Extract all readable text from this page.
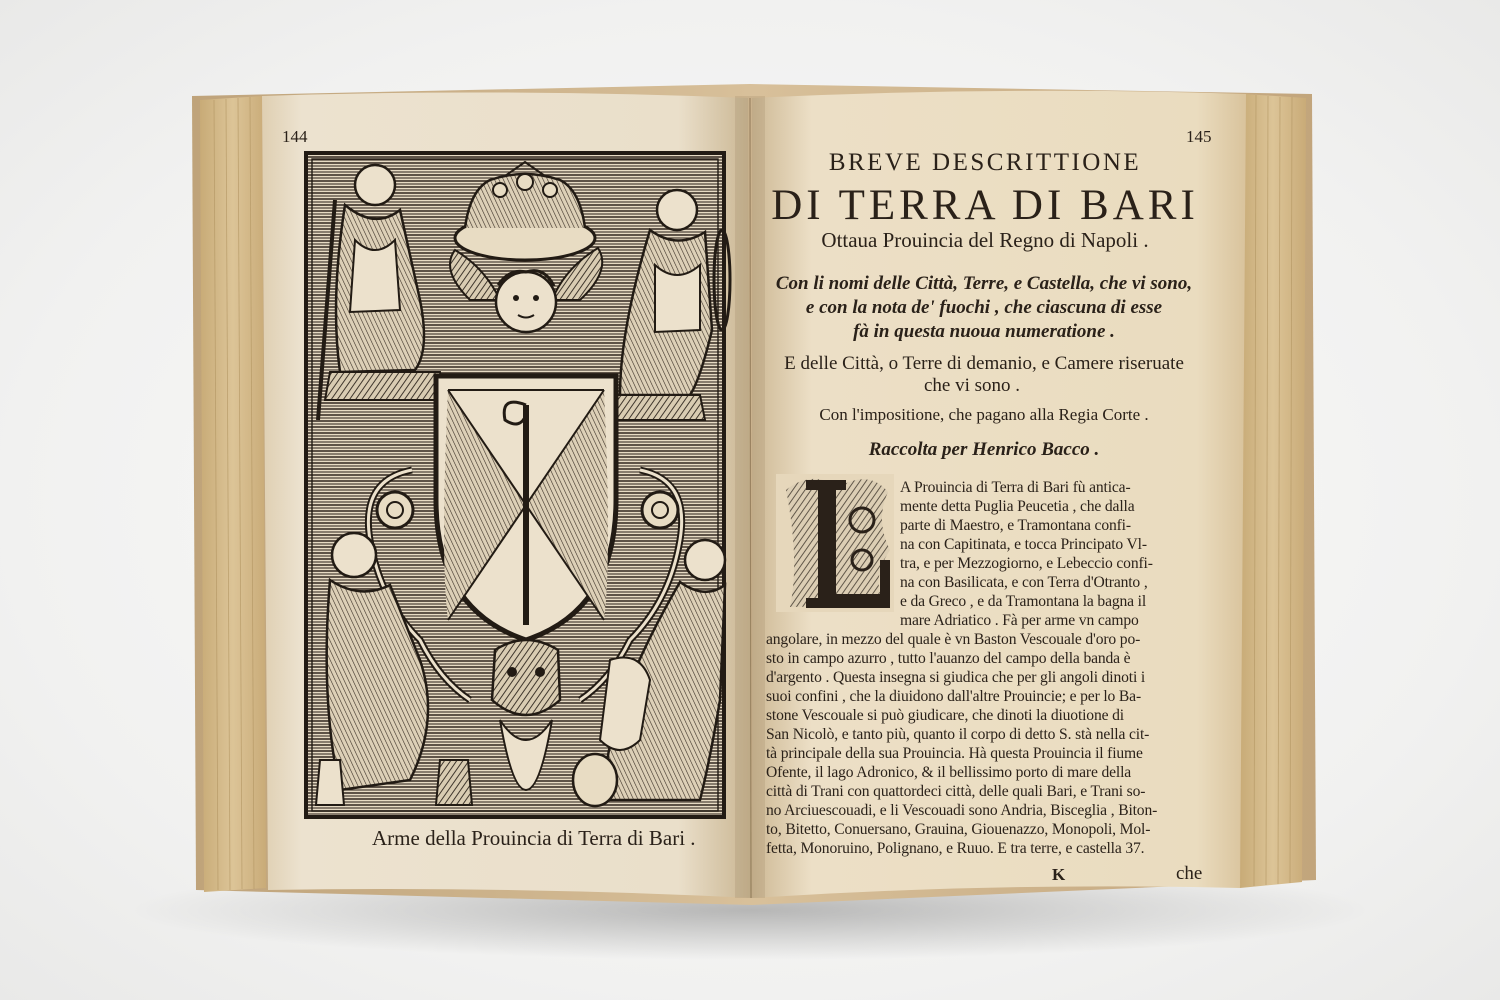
144

Arme della Prouincia di Terra di Bari .

145

BREVE DESCRITTIONE

DI TERRA DI BARI

Ottaua Prouincia del Regno di Napoli .

Con li nomi delle Città, Terre, e Castella, che vi sono,

e con la nota de' fuochi , che ciascuna di esse

fà in questa nuoua numeratione .

E delle Città, o Terre di demanio, e Camere riseruate

che vi sono .

Con l'impositione, che pagano alla Regia Corte .

Raccolta per Henrico Bacco .

A Prouincia di Terra di Bari fù antica-

mente detta Puglia Peucetia , che dalla

parte di Maestro, e Tramontana confi-

na con Capitinata, e tocca Principato Vl-

tra, e per Mezzogiorno, e Lebeccio confi-

na con Basilicata, e con Terra d'Otranto ,

e da Greco , e da Tramontana la bagna il

mare Adriatico . Fà per arme vn campo

angolare, in mezzo del quale è vn Baston Vescouale d'oro po-

sto in campo azurro , tutto l'auanzo del campo della banda è

d'argento . Questa insegna si giudica che per gli angoli dinoti i

suoi confini , che la diuidono dall'altre Prouincie; e per lo Ba-

stone Vescouale si può giudicare, che dinoti la diuotione di

San Nicolò, e tanto più, quanto il corpo di detto S. stà nella cit-

tà principale della sua Prouincia. Hà questa Prouincia il fiume

Ofente, il lago Adronico, & il bellissimo porto di mare della

città di Trani con quattordeci città, delle quali Bari, e Trani so-

no Arciuescouadi, e li Vescouadi sono Andria, Bisceglia , Biton-

to, Bitetto, Conuersano, Grauina, Giouenazzo, Monopoli, Mol-

fetta, Monoruino, Polignano, e Ruuo. E tra terre, e castella 37.

K	che
